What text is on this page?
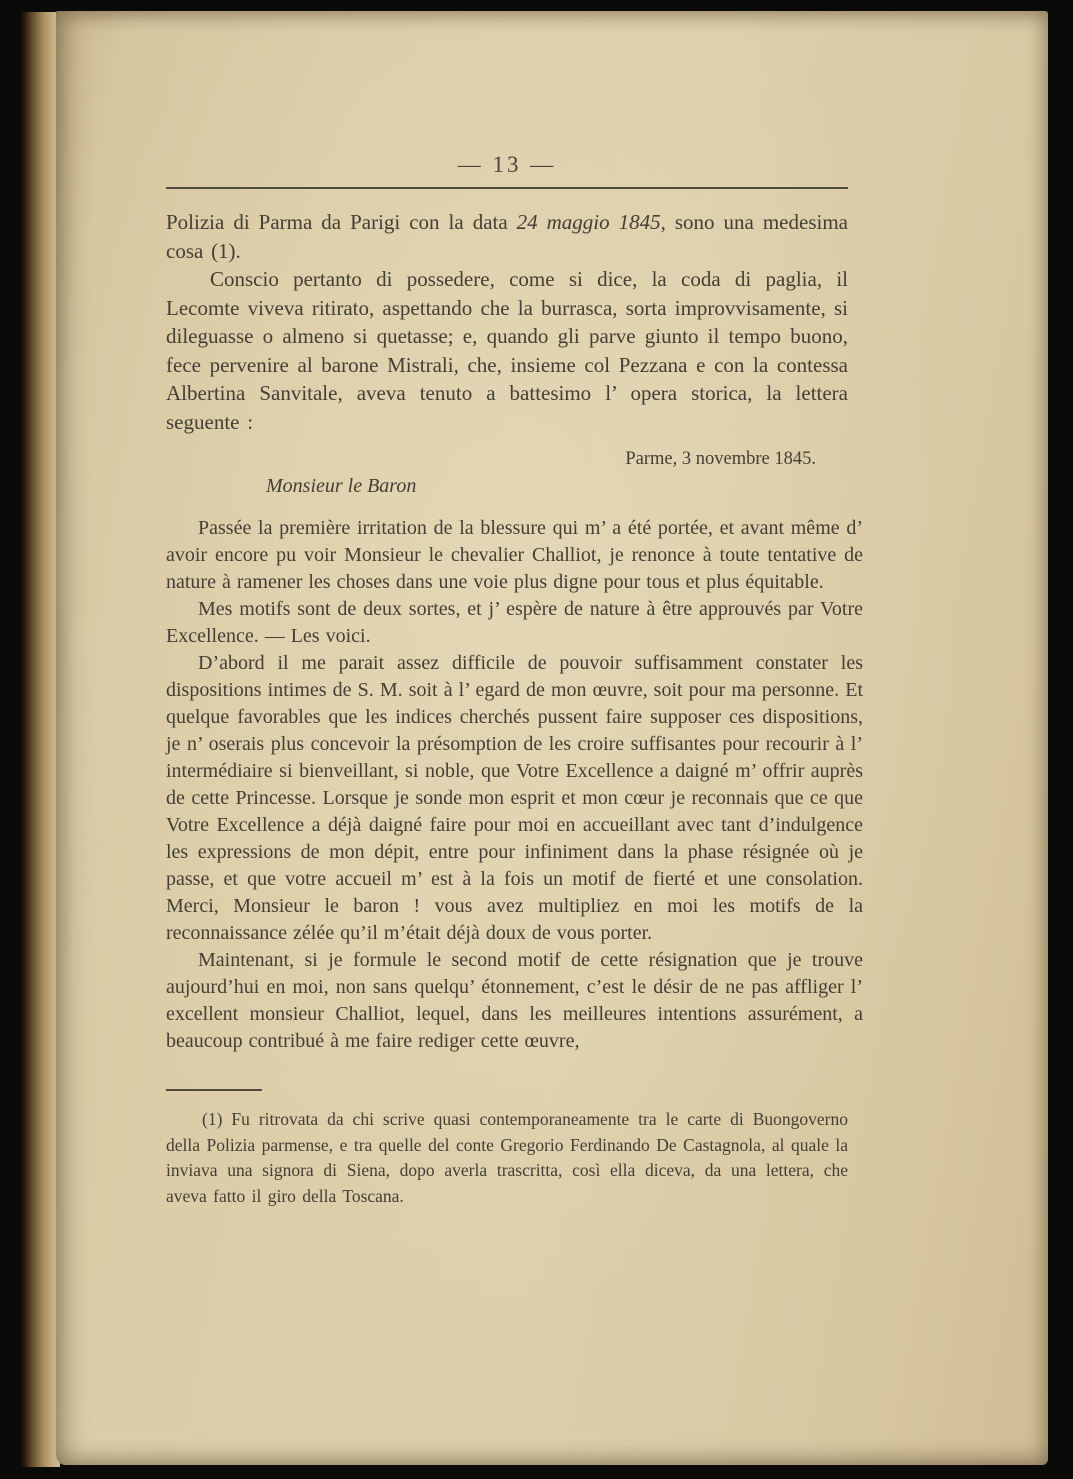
— 13 —

Polizia di Parma da Parigi con la data 24 maggio 1845, sono una medesima cosa (1).

Conscio pertanto di possedere, come si dice, la coda di paglia, il Lecomte viveva ritirato, aspettando che la burrasca, sorta improvvisamente, si dileguasse o almeno si quetasse; e, quando gli parve giunto il tempo buono, fece pervenire al barone Mistrali, che, insieme col Pezzana e con la contessa Albertina Sanvitale, aveva tenuto a battesimo l’ opera storica, la lettera seguente :

Parme, 3 novembre 1845.
Monsieur le Baron

Passée la première irritation de la blessure qui m’ a été portée, et avant même d’ avoir encore pu voir Monsieur le chevalier Challiot, je renonce à toute tentative de nature à ramener les choses dans une voie plus digne pour tous et plus équitable.

Mes motifs sont de deux sortes, et j’ espère de nature à être approuvés par Votre Excellence. — Les voici.

D’abord il me parait assez difficile de pouvoir suffisamment constater les dispositions intimes de S. M. soit à l’ egard de mon œuvre, soit pour ma personne. Et quelque favorables que les indices cherchés pussent faire supposer ces dispositions, je n’ oserais plus concevoir la présomption de les croire suffisantes pour recourir à l’ intermédiaire si bienveillant, si noble, que Votre Excellence a daigné m’ offrir auprès de cette Princesse. Lorsque je sonde mon esprit et mon cœur je reconnais que ce que Votre Excellence a déjà daigné faire pour moi en accueillant avec tant d’indulgence les expressions de mon dépit, entre pour infiniment dans la phase résignée où je passe, et que votre accueil m’ est à la fois un motif de fierté et une consolation. Merci, Monsieur le baron ! vous avez multipliez en moi les motifs de la reconnaissance zélée qu’il m’était déjà doux de vous porter.

Maintenant, si je formule le second motif de cette résignation que je trouve aujourd’hui en moi, non sans quelqu’ étonnement, c’est le désir de ne pas affliger l’ excellent monsieur Challiot, lequel, dans les meilleures intentions assurément, a beaucoup contribué à me faire rediger cette œuvre,

(1) Fu ritrovata da chi scrive quasi contemporaneamente tra le carte di Buongoverno della Polizia parmense, e tra quelle del conte Gregorio Ferdinando De Castagnola, al quale la inviava una signora di Siena, dopo averla trascritta, così ella diceva, da una lettera, che aveva fatto il giro della Toscana.
